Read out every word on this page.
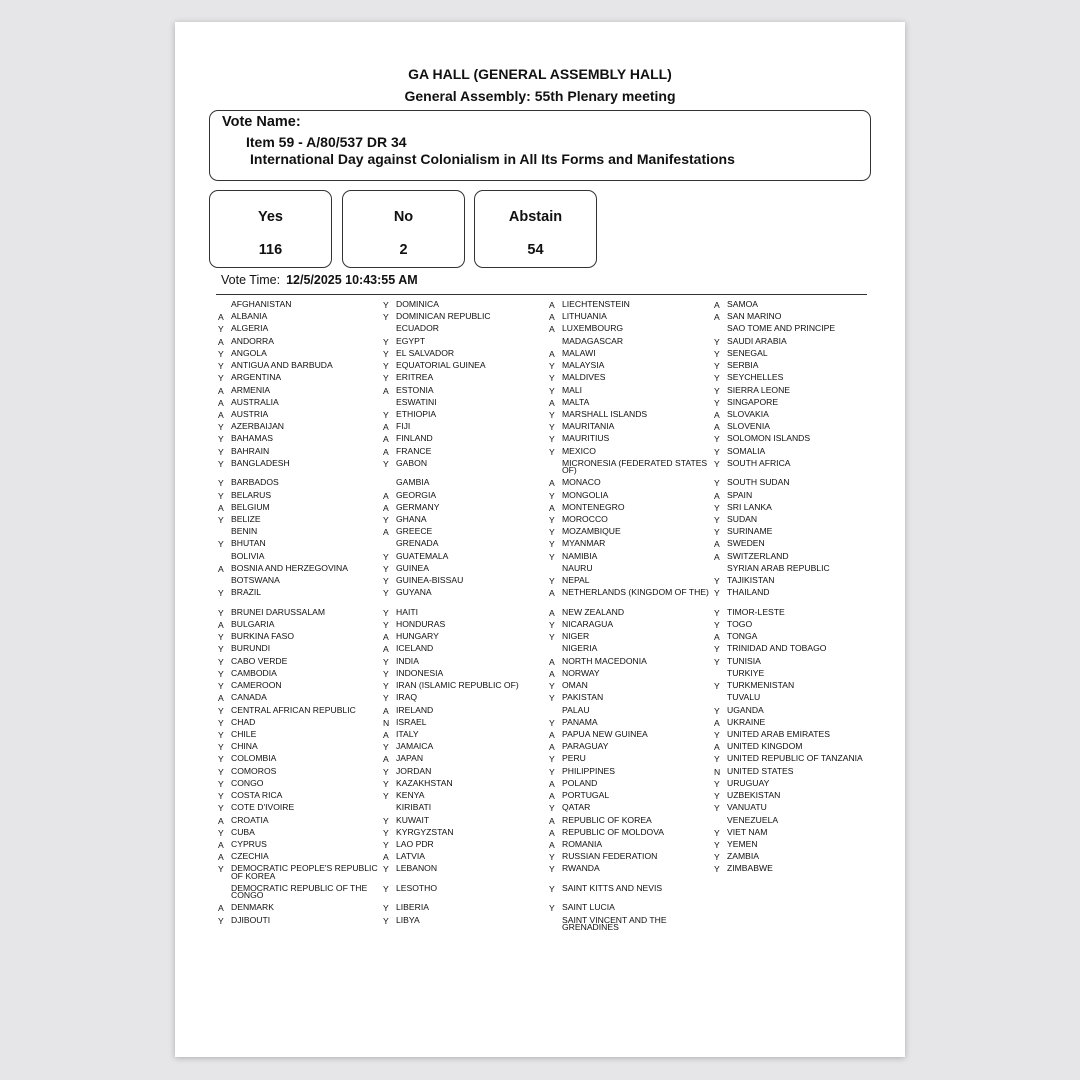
GA HALL (GENERAL ASSEMBLY HALL)
General Assembly: 55th Plenary meeting
Vote Name:
Item 59 - A/80/537 DR 34
International Day against Colonialism in All Its Forms and Manifestations
Yes
116
No
2
Abstain
54
Vote Time: 12/5/2025 10:43:55 AM
AFGHANISTAN
A ALBANIA
Y ALGERIA
A ANDORRA
Y ANGOLA
Y ANTIGUA AND BARBUDA
Y ARGENTINA
A ARMENIA
A AUSTRALIA
A AUSTRIA
Y AZERBAIJAN
Y BAHAMAS
Y BAHRAIN
Y BANGLADESH
Y BARBADOS
Y BELARUS
A BELGIUM
Y BELIZE
BENIN
Y BHUTAN
BOLIVIA
A BOSNIA AND HERZEGOVINA
BOTSWANA
Y BRAZIL
Y BRUNEI DARUSSALAM
A BULGARIA
Y BURKINA FASO
Y BURUNDI
Y CABO VERDE
Y CAMBODIA
Y CAMEROON
A CANADA
Y CENTRAL AFRICAN REPUBLIC
Y CHAD
Y CHILE
Y CHINA
Y COLOMBIA
Y COMOROS
Y CONGO
Y COSTA RICA
Y COTE D'IVOIRE
A CROATIA
Y CUBA
A CYPRUS
A CZECHIA
Y DEMOCRATIC PEOPLE'S REPUBLIC OF KOREA
DEMOCRATIC REPUBLIC OF THE CONGO
A DENMARK
Y DJIBOUTI
Y DOMINICA
Y DOMINICAN REPUBLIC
ECUADOR
Y EGYPT
Y EL SALVADOR
Y EQUATORIAL GUINEA
Y ERITREA
A ESTONIA
ESWATINI
Y ETHIOPIA
A FIJI
A FINLAND
A FRANCE
Y GABON
GAMBIA
A GEORGIA
A GERMANY
Y GHANA
A GREECE
GRENADA
Y GUATEMALA
Y GUINEA
Y GUINEA-BISSAU
Y GUYANA
Y HAITI
Y HONDURAS
A HUNGARY
A ICELAND
Y INDIA
Y INDONESIA
Y IRAN (ISLAMIC REPUBLIC OF)
Y IRAQ
A IRELAND
N ISRAEL
A ITALY
Y JAMAICA
A JAPAN
Y JORDAN
Y KAZAKHSTAN
Y KENYA
KIRIBATI
Y KUWAIT
Y KYRGYZSTAN
Y LAO PDR
A LATVIA
Y LEBANON
Y LESOTHO
Y LIBERIA
Y LIBYA
A LIECHTENSTEIN
A LITHUANIA
A LUXEMBOURG
MADAGASCAR
A MALAWI
Y MALAYSIA
Y MALDIVES
Y MALI
A MALTA
Y MARSHALL ISLANDS
Y MAURITANIA
Y MAURITIUS
Y MEXICO
MICRONESIA (FEDERATED STATES OF)
A MONACO
Y MONGOLIA
A MONTENEGRO
Y MOROCCO
Y MOZAMBIQUE
Y MYANMAR
Y NAMIBIA
NAURU
Y NEPAL
A NETHERLANDS (KINGDOM OF THE)
A NEW ZEALAND
Y NICARAGUA
Y NIGER
NIGERIA
A NORTH MACEDONIA
A NORWAY
Y OMAN
Y PAKISTAN
PALAU
Y PANAMA
A PAPUA NEW GUINEA
A PARAGUAY
Y PERU
Y PHILIPPINES
A POLAND
A PORTUGAL
Y QATAR
A REPUBLIC OF KOREA
A REPUBLIC OF MOLDOVA
A ROMANIA
Y RUSSIAN FEDERATION
Y RWANDA
Y SAINT KITTS AND NEVIS
Y SAINT LUCIA
SAINT VINCENT AND THE GRENADINES
A SAMOA
A SAN MARINO
SAO TOME AND PRINCIPE
Y SAUDI ARABIA
Y SENEGAL
Y SERBIA
Y SEYCHELLES
Y SIERRA LEONE
Y SINGAPORE
A SLOVAKIA
A SLOVENIA
Y SOLOMON ISLANDS
Y SOMALIA
Y SOUTH AFRICA
Y SOUTH SUDAN
A SPAIN
Y SRI LANKA
Y SUDAN
Y SURINAME
A SWEDEN
A SWITZERLAND
SYRIAN ARAB REPUBLIC
Y TAJIKISTAN
Y THAILAND
Y TIMOR-LESTE
Y TOGO
A TONGA
Y TRINIDAD AND TOBAGO
Y TUNISIA
TURKIYE
Y TURKMENISTAN
TUVALU
Y UGANDA
A UKRAINE
Y UNITED ARAB EMIRATES
A UNITED KINGDOM
Y UNITED REPUBLIC OF TANZANIA
N UNITED STATES
Y URUGUAY
Y UZBEKISTAN
Y VANUATU
VENEZUELA
Y VIET NAM
Y YEMEN
Y ZAMBIA
Y ZIMBABWE
